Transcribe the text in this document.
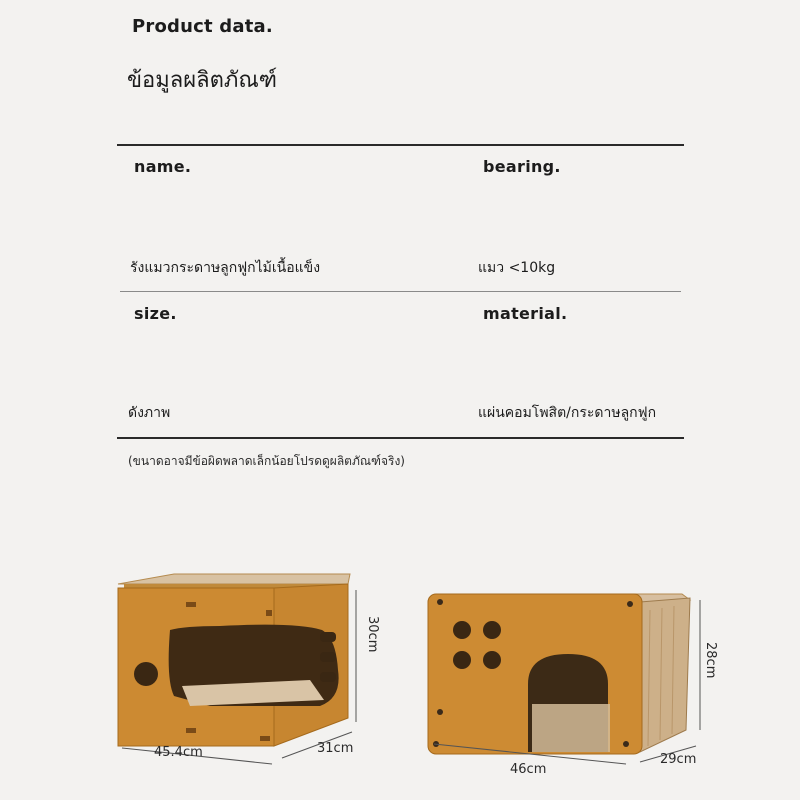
Product data.
ข้อมูลผลิตภัณฑ์
name.	bearing.
รังแมวกระดาษลูกฟูกไม้เนื้อแข็ง	แมว <10kg
size.	material.
ดังภาพ	แผ่นคอมโพสิต/กระดาษลูกฟูก
(ขนาดอาจมีข้อผิดพลาดเล็กน้อยโปรดดูผลิตภัณฑ์จริง)
45.4cm	31cm
30cm
46cm
29cm
28cm
